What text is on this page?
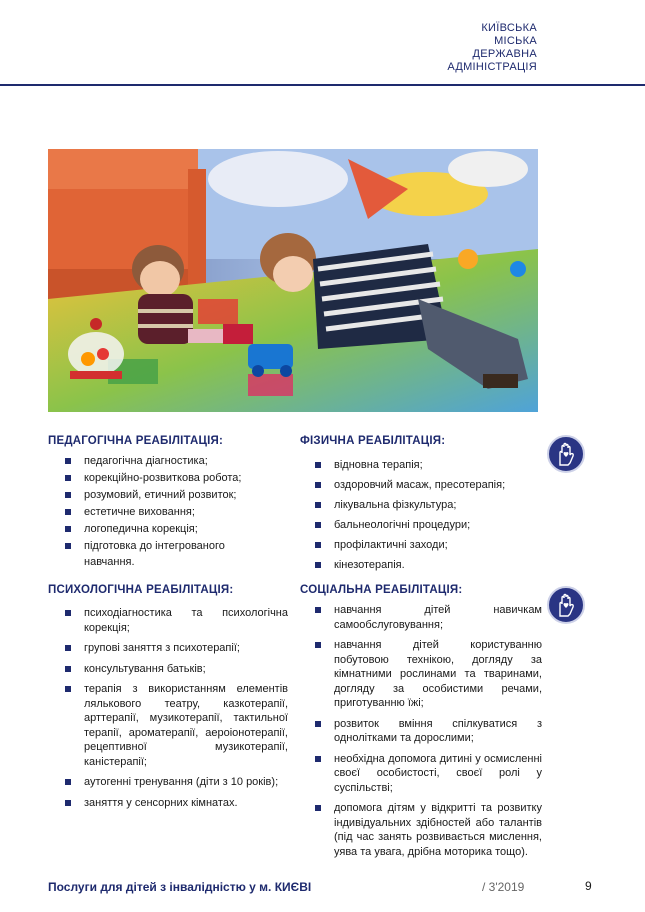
КИЇВСЬКА
МІСЬКА
ДЕРЖАВНА
АДМІНІСТРАЦІЯ
ПЕДАГОГІЧНА РЕАБІЛІТАЦІЯ:
педагогічна діагностика;
корекційно-розвиткова робота;
розумовий, етичний розвиток;
естетичне виховання;
логопедична корекція;
підготовка до інтегрованого навчання.
ФІЗИЧНА РЕАБІЛІТАЦІЯ:
відновна терапія;
оздоровчий масаж, пресотерапія;
лікувальна фізкультура;
бальнеологічні процедури;
профілактичні заходи;
кінезотерапія.
ПСИХОЛОГІЧНА РЕАБІЛІТАЦІЯ:
психодіагностика та психологічна корекція;
групові заняття з психотерапії;
консультування батьків;
терапія з використанням елементів лялькового театру, казкотерапії, арттерапії, музикотерапії, тактильної терапії, ароматерапії, аероіонотерапії, рецептивної музикотерапії, каністерапії;
аутогенні тренування (діти з 10 років);
заняття у сенсорних кімнатах.
СОЦІАЛЬНА РЕАБІЛІТАЦІЯ:
навчання дітей навичкам самообслуговування;
навчання дітей користуванню побутовою технікою, догляду за кімнатними рослинами та тваринами, догляду за особистими речами, приготуванню їжі;
розвиток вміння спілкуватися з однолітками та дорослими;
необхідна допомога дитині у осмисленні своєї особистості, своєї ролі у суспільстві;
допомога дітям у відкритті та розвитку індивідуальних здібностей або талантів (під час занять розвивається мислення, уява та увага, дрібна моторика тощо).
Послуги для дітей з інвалідністю у м. КИЄВІ	/ 3'2019	9
